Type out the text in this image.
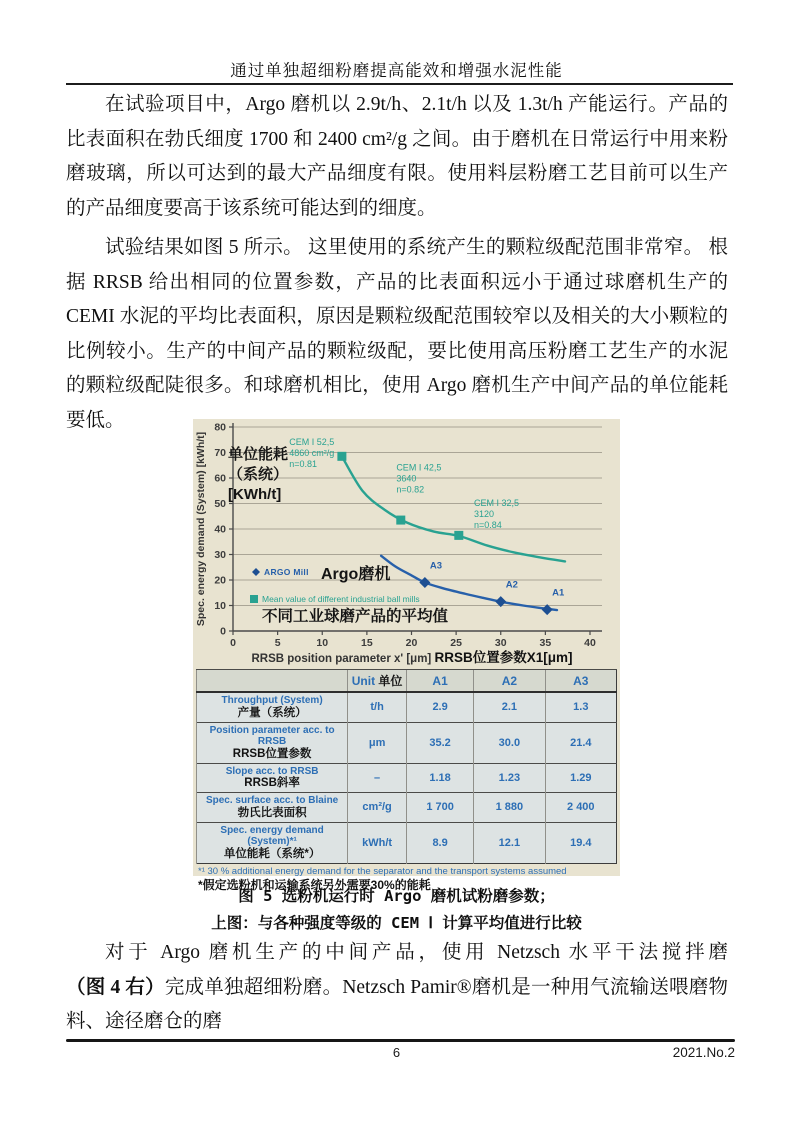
通过单独超细粉磨提高能效和增强水泥性能

在试验项目中，Argo 磨机以 2.9t/h、2.1t/h 以及 1.3t/h 产能运行。产品的比表面积在勃氏细度 1700 和 2400 cm²/g 之间。由于磨机在日常运行中用来粉磨玻璃，所以可达到的最大产品细度有限。使用料层粉磨工艺目前可以生产的产品细度要高于该系统可能达到的细度。

试验结果如图 5 所示。 这里使用的系统产生的颗粒级配范围非常窄。 根据 RRSB 给出相同的位置参数，产品的比表面积远小于通过球磨机生产的 CEMI 水泥的平均比表面积，原因是颗粒级配范围较窄以及相关的大小颗粒的比例较小。生产的中间产品的颗粒级配，要比使用高压粉磨工艺生产的水泥的颗粒级配陡很多。和球磨机相比，使用 Argo 磨机生产中间产品的单位能耗要低。

0
10
20
30
40
50
60
70
80
0	5	10	15	20	25	30	35	40
CEM I 52,5
4860 cm²/g
n=0.81	CEM I 42,5
3640
n=0.82
CEM I 32,5
3120
n=0.84
A3
A2
A1
Spec. energy demand (System) [kWh/t] 单位能耗
（系统）
[KWh/t]
ARGO Mill Argo磨机
Mean value of different industrial ball mills
不同工业球磨产品的平均值
RRSB position parameter x' [μm] RRSB位置参数X1[μm]
	Unit 单位	A1	A2	A3

Throughput (System)
产量（系统）	t/h	2.9	2.1	1.3

Position parameter acc. to RRSB
RRSB位置参数	μm	35.2	30.0	21.4

Slope acc. to RRSB
RRSB斜率	–	1.18	1.23	1.29

Spec. surface acc. to Blaine
勃氏比表面积	cm²/g	1 700	1 880	2 400

Spec. energy demand (System)*¹
单位能耗（系统*）	kWh/t	8.9	12.1	19.4
*¹ 30 % additional energy demand for the separator and the transport systems assumed
*假定选粉机和运输系统另外需要30%的能耗
图 5 选粉机运行时 Argo 磨机试粉磨参数；
上图：与各种强度等级的 CEM Ⅰ 计算平均值进行比较

对于 Argo 磨机生产的中间产品，使用 Netzsch 水平干法搅拌磨（图 4 右）完成单独超细粉磨。Netzsch Pamir®磨机是一种用气流输送喂磨物料、途径磨仓的磨

6	2021.No.2
